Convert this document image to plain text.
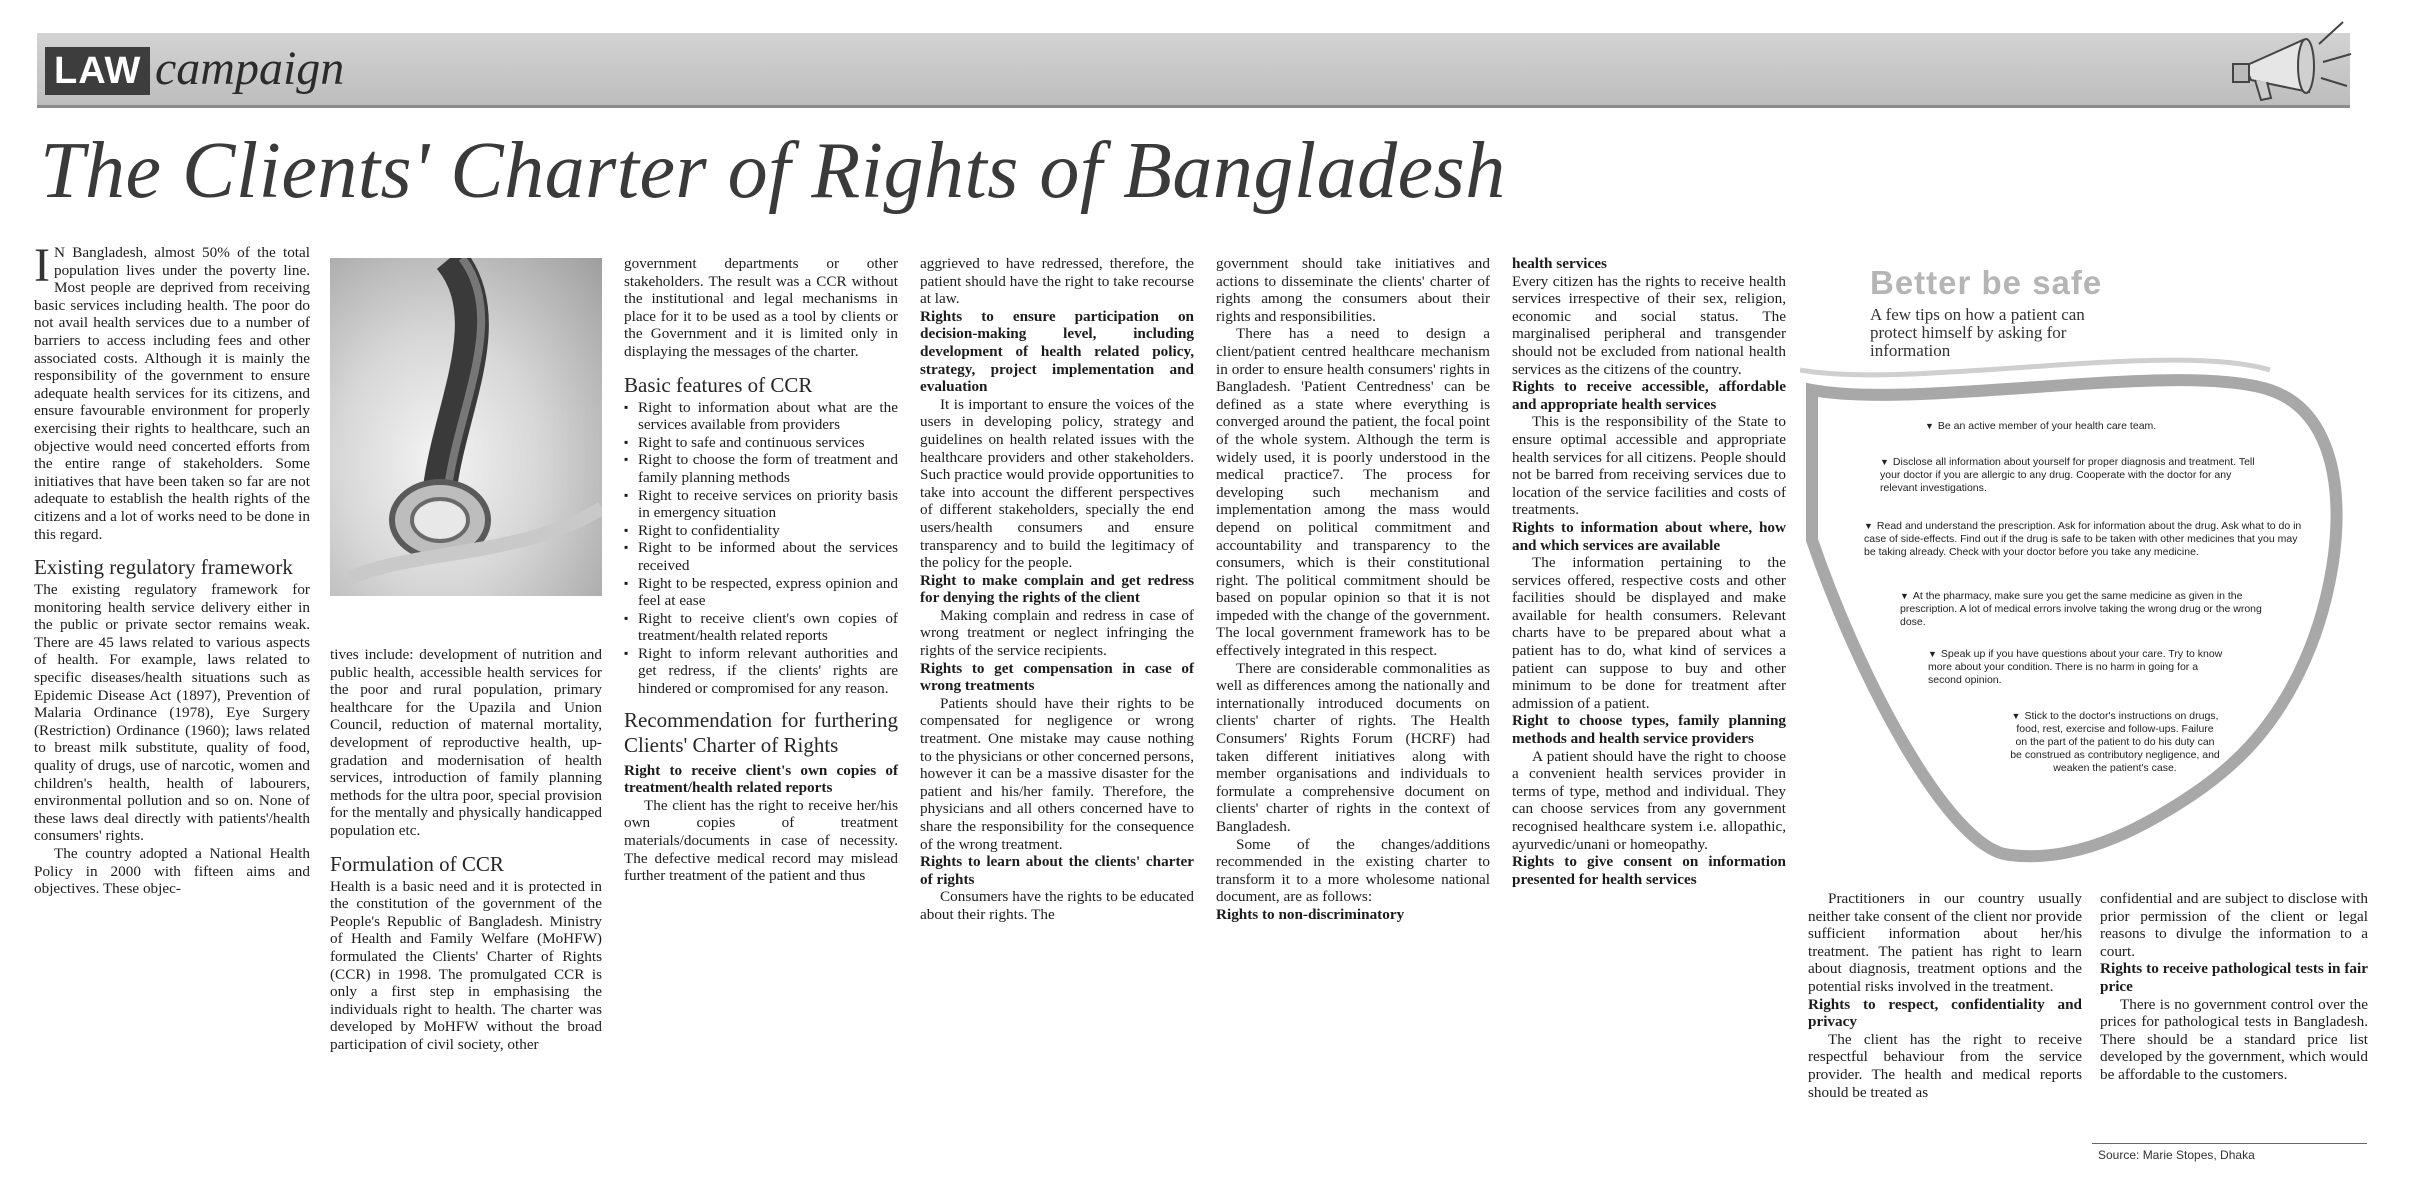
LAW campaign
The Clients' Charter of Rights of Bangladesh

I N Bangladesh, almost 50% of the total population lives under the poverty line. Most people are deprived from receiving basic services including health. The poor do not avail health services due to a number of barriers to access including fees and other associated costs. Although it is mainly the responsibility of the government to ensure adequate health services for its citizens, and ensure favourable environment for properly exercising their rights to healthcare, such an objective would need concerted efforts from the entire range of stakeholders. Some initiatives that have been taken so far are not adequate to establish the health rights of the citizens and a lot of works need to be done in this regard.

Existing regulatory framework

The existing regulatory framework for monitoring health service delivery either in the public or private sector remains weak. There are 45 laws related to various aspects of health. For example, laws related to specific diseases/health situations such as Epidemic Disease Act (1897), Prevention of Malaria Ordinance (1978), Eye Surgery (Restriction) Ordinance (1960); laws related to breast milk substitute, quality of food, quality of drugs, use of narcotic, women and children's health, health of labourers, environmental pollution and so on. None of these laws deal directly with patients'/health consumers' rights.

The country adopted a National Health Policy in 2000 with fifteen aims and objectives. These objec-

tives include: development of nutrition and public health, accessible health services for the poor and rural population, primary healthcare for the Upazila and Union Council, reduction of maternal mortality, development of reproductive health, up-gradation and modernisation of health services, introduction of family planning methods for the ultra poor, special provision for the mentally and physically handicapped population etc.

Formulation of CCR

Health is a basic need and it is protected in the constitution of the government of the People's Republic of Bangladesh. Ministry of Health and Family Welfare (MoHFW) formulated the Clients' Charter of Rights (CCR) in 1998. The promulgated CCR is only a first step in emphasising the individuals right to health. The charter was developed by MoHFW without the broad participation of civil society, other

government departments or other stakeholders. The result was a CCR without the institutional and legal mechanisms in place for it to be used as a tool by clients or the Government and it is limited only in displaying the messages of the charter.

Basic features of CCR
▪ Right to information about what are the services available from providers
▪ Right to safe and continuous services
▪ Right to choose the form of treatment and family planning methods
▪ Right to receive services on priority basis in emergency situation
▪ Right to confidentiality
▪ Right to be informed about the services received
▪ Right to be respected, express opinion and feel at ease
▪ Right to receive client's own copies of treatment/health related reports
▪ Right to inform relevant authorities and get redress, if the clients' rights are hindered or compromised for any reason.
Recommendation for furthering Clients' Charter of Rights

Right to receive client's own copies of treatment/health related reports

The client has the right to receive her/his own copies of treatment materials/documents in case of necessity. The defective medical record may mislead further treatment of the patient and thus

aggrieved to have redressed, therefore, the patient should have the right to take recourse at law.

Rights to ensure participation on decision-making level, including development of health related policy, strategy, project implementation and evaluation

It is important to ensure the voices of the users in developing policy, strategy and guidelines on health related issues with the healthcare providers and other stakeholders. Such practice would provide opportunities to take into account the different perspectives of different stakeholders, specially the end users/health consumers and ensure transparency and to build the legitimacy of the policy for the people.

Right to make complain and get redress for denying the rights of the client

Making complain and redress in case of wrong treatment or neglect infringing the rights of the service recipients.

Rights to get compensation in case of wrong treatments

Patients should have their rights to be compensated for negligence or wrong treatment. One mistake may cause nothing to the physicians or other concerned persons, however it can be a massive disaster for the patient and his/her family. Therefore, the physicians and all others concerned have to share the responsibility for the consequence of the wrong treatment.

Rights to learn about the clients' charter of rights

Consumers have the rights to be educated about their rights. The

government should take initiatives and actions to disseminate the clients' charter of rights among the consumers about their rights and responsibilities.

There has a need to design a client/patient centred healthcare mechanism in order to ensure health consumers' rights in Bangladesh. 'Patient Centredness' can be defined as a state where everything is converged around the patient, the focal point of the whole system. Although the term is widely used, it is poorly understood in the medical practice7. The process for developing such mechanism and implementation among the mass would depend on political commitment and accountability and transparency to the consumers, which is their constitutional right. The political commitment should be based on popular opinion so that it is not impeded with the change of the government. The local government framework has to be effectively integrated in this respect.

There are considerable commonalities as well as differences among the nationally and internationally introduced documents on clients' charter of rights. The Health Consumers' Rights Forum (HCRF) had taken different initiatives along with member organisations and individuals to formulate a comprehensive document on clients' charter of rights in the context of Bangladesh.

Some of the changes/additions recommended in the existing charter to transform it to a more wholesome national document, are as follows:

Rights to non-discriminatory

health services

Every citizen has the rights to receive health services irrespective of their sex, religion, economic and social status. The marginalised peripheral and transgender should not be excluded from national health services as the citizens of the country.

Rights to receive accessible, affordable and appropriate health services

This is the responsibility of the State to ensure optimal accessible and appropriate health services for all citizens. People should not be barred from receiving services due to location of the service facilities and costs of treatments.

Rights to information about where, how and which services are available

The information pertaining to the services offered, respective costs and other facilities should be displayed and make available for health consumers. Relevant charts have to be prepared about what a patient has to do, what kind of services a patient can suppose to buy and other minimum to be done for treatment after admission of a patient.

Right to choose types, family planning methods and health service providers

A patient should have the right to choose a convenient health services provider in terms of type, method and individual. They can choose services from any government recognised healthcare system i.e. allopathic, ayurvedic/unani or homeopathy.

Rights to give consent on information presented for health services

Better be safe
A few tips on how a patient can protect himself by asking for information
▼ Be an active member of your health care team.
▼ Disclose all information about yourself for proper diagnosis and treatment. Tell your doctor if you are allergic to any drug. Cooperate with the doctor for any relevant investigations.
▼ Read and understand the prescription. Ask for information about the drug. Ask what to do in case of side-effects. Find out if the drug is safe to be taken with other medicines that you may be taking already. Check with your doctor before you take any medicine.
▼ At the pharmacy, make sure you get the same medicine as given in the prescription. A lot of medical errors involve taking the wrong drug or the wrong dose.
▼ Speak up if you have questions about your care. Try to know more about your condition. There is no harm in going for a second opinion.
▼ Stick to the doctor's instructions on drugs, food, rest, exercise and follow-ups. Failure on the part of the patient to do his duty can be construed as contributory negligence, and weaken the patient's case.

Practitioners in our country usually neither take consent of the client nor provide sufficient information about her/his treatment. The patient has right to learn about diagnosis, treatment options and the potential risks involved in the treatment.

Rights to respect, confidentiality and privacy

The client has the right to receive respectful behaviour from the service provider. The health and medical reports should be treated as

confidential and are subject to disclose with prior permission of the client or legal reasons to divulge the information to a court.

Rights to receive pathological tests in fair price

There is no government control over the prices for pathological tests in Bangladesh. There should be a standard price list developed by the government, which would be affordable to the customers.

Source: Marie Stopes, Dhaka
